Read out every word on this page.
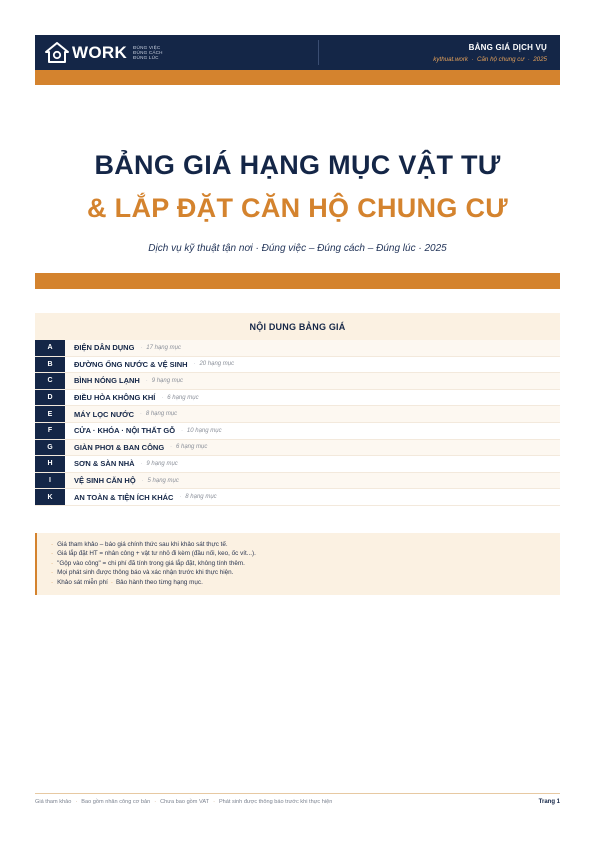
WORK ĐÚNG VIỆC
ĐÚNG CÁCH
ĐÚNG LÚC
BẢNG GIÁ DỊCH VỤ
kythuat.work · Căn hộ chung cư · 2025
BẢNG GIÁ HẠNG MỤC VẬT TƯ
& LẮP ĐẶT CĂN HỘ CHUNG CƯ
Dịch vụ kỹ thuật tận nơi · Đúng việc – Đúng cách – Đúng lúc · 2025
NỘI DUNG BẢNG GIÁ
A	ĐIỆN DÂN DỤNG · 17 hạng mục
B	ĐƯỜNG ỐNG NƯỚC & VỆ SINH · 20 hạng mục
C	BÌNH NÓNG LẠNH · 9 hạng mục
D	ĐIỀU HÒA KHÔNG KHÍ · 6 hạng mục
E	MÁY LỌC NƯỚC · 8 hạng mục
F	CỬA · KHÓA · NỘI THẤT GỖ · 10 hạng mục
G	GIÀN PHƠI & BAN CÔNG · 6 hạng mục
H	SƠN & SÀN NHÀ · 9 hạng mục
I	VỆ SINH CĂN HỘ · 5 hạng mục
K	AN TOÀN & TIỆN ÍCH KHÁC · 8 hạng mục
· Giá tham khảo – báo giá chính thức sau khi khảo sát thực tế.
· Giá lắp đặt HT = nhân công + vật tư nhỏ đi kèm (đầu nối, keo, ốc vít...).
· "Gộp vào công" = chi phí đã tính trong giá lắp đặt, không tính thêm.
· Mọi phát sinh được thông báo và xác nhận trước khi thực hiện.
· Khảo sát miễn phí · Bảo hành theo từng hạng mục.
Giá tham khảo · Bao gồm nhân công cơ bản · Chưa bao gồm VAT · Phát sinh được thông báo trước khi thực hiện	Trang 1
